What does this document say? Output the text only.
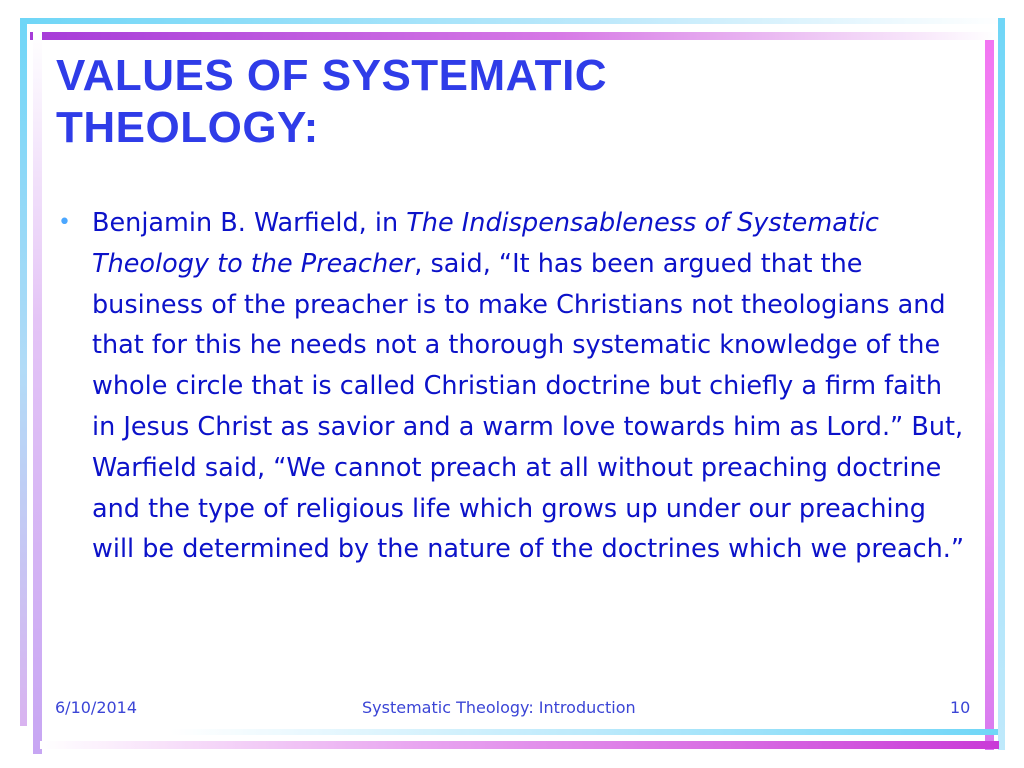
VALUES OF SYSTEMATIC
THEOLOGY:
• Benjamin B. Warfield, in The Indispensableness of Systematic Theology to the Preacher, said, “It has been argued that the business of the preacher is to make Christians not theologians and that for this he needs not a thorough systematic knowledge of the whole circle that is called Christian doctrine but chiefly a firm faith in Jesus Christ as savior and a warm love towards him as Lord.” But, Warfield said, “We cannot preach at all without preaching doctrine and the type of religious life which grows up under our preaching will be determined by the nature of the doctrines which we preach.”
6/10/2014	Systematic Theology: Introduction	10
